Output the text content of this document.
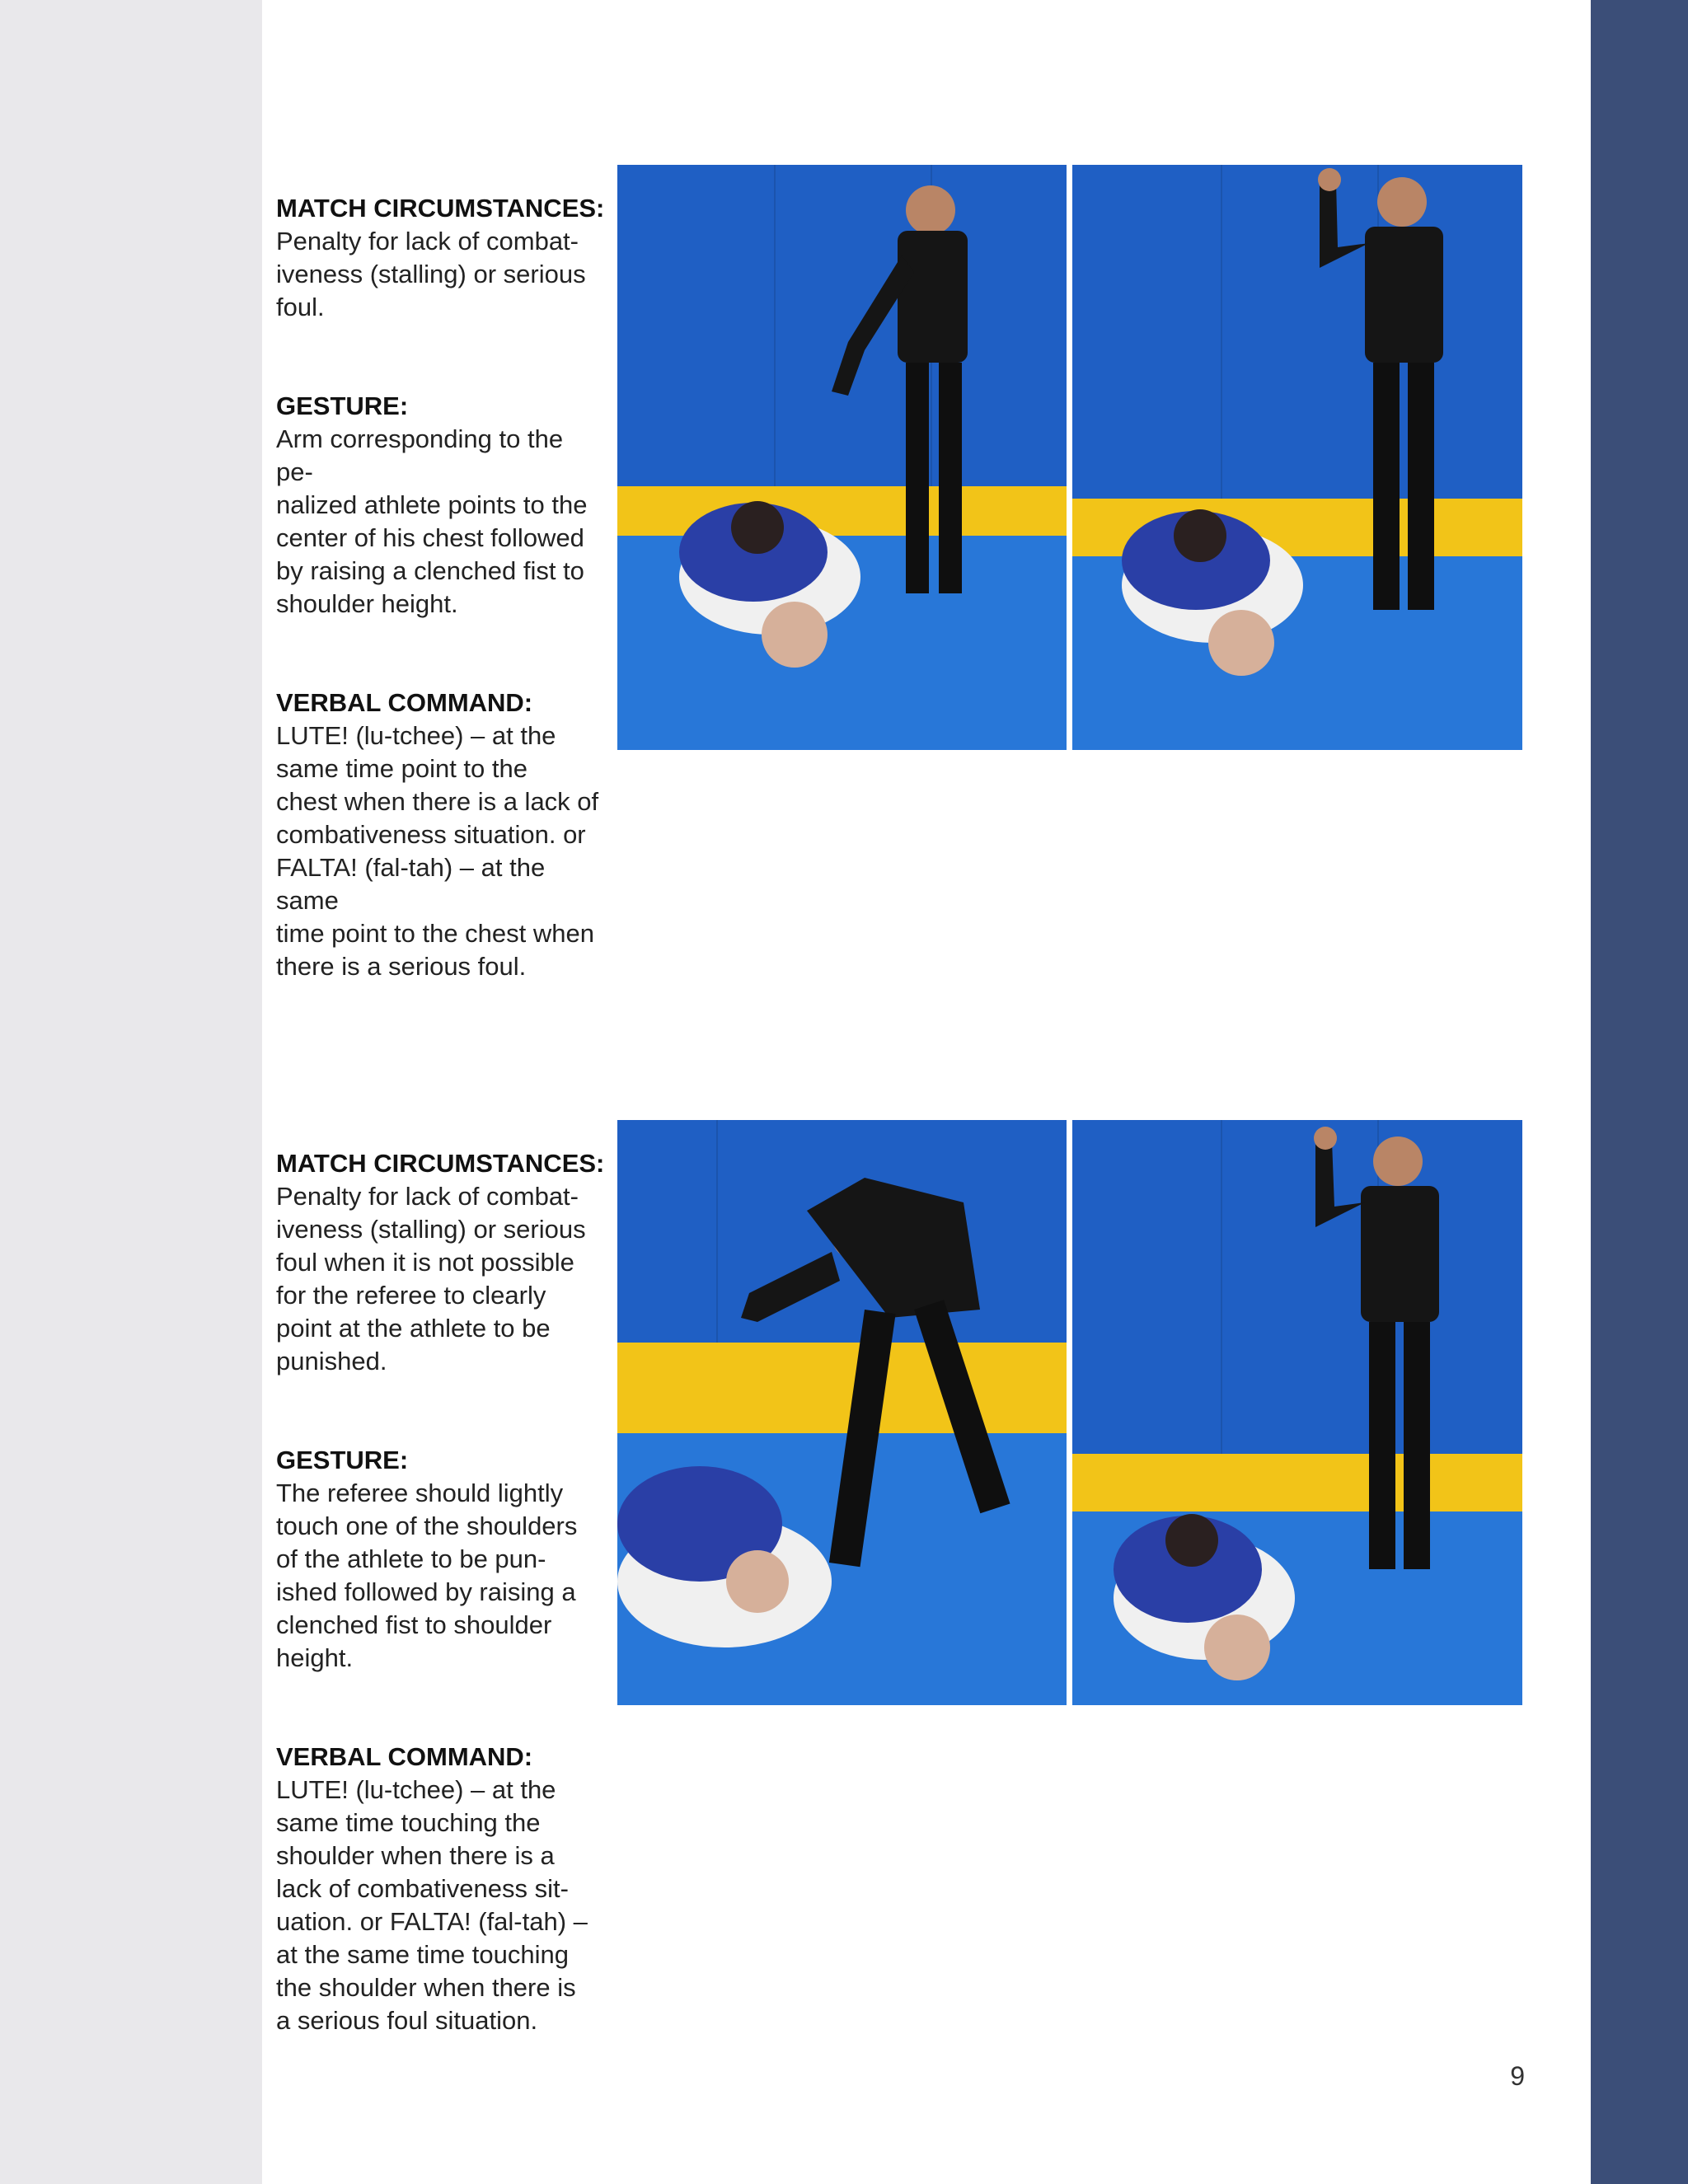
MATCH CIRCUMSTANCES:
Penalty for lack of combat-
iveness (stalling) or serious
foul.

GESTURE:
Arm corresponding to the pe-
nalized athlete points to the
center of his chest followed
by raising a clenched fist to
shoulder height.

VERBAL COMMAND:
LUTE! (lu-tchee) – at the
same time point to the
chest when there is a lack of
combativeness situation. or
FALTA! (fal-tah) – at the same
time point to the chest when
there is a serious foul.

MATCH CIRCUMSTANCES:
Penalty for lack of combat-
iveness (stalling) or serious
foul when it is not possible
for the referee to clearly
point at the athlete to be
punished.

GESTURE:
The referee should lightly
touch one of the shoulders
of the athlete to be pun-
ished followed by raising a
clenched fist to shoulder
height.

VERBAL COMMAND:
LUTE! (lu-tchee) – at the
same time touching the
shoulder when there is a
lack of combativeness sit-
uation. or FALTA! (fal-tah) –
at the same time touching
the shoulder when there is
a serious foul situation.

9
